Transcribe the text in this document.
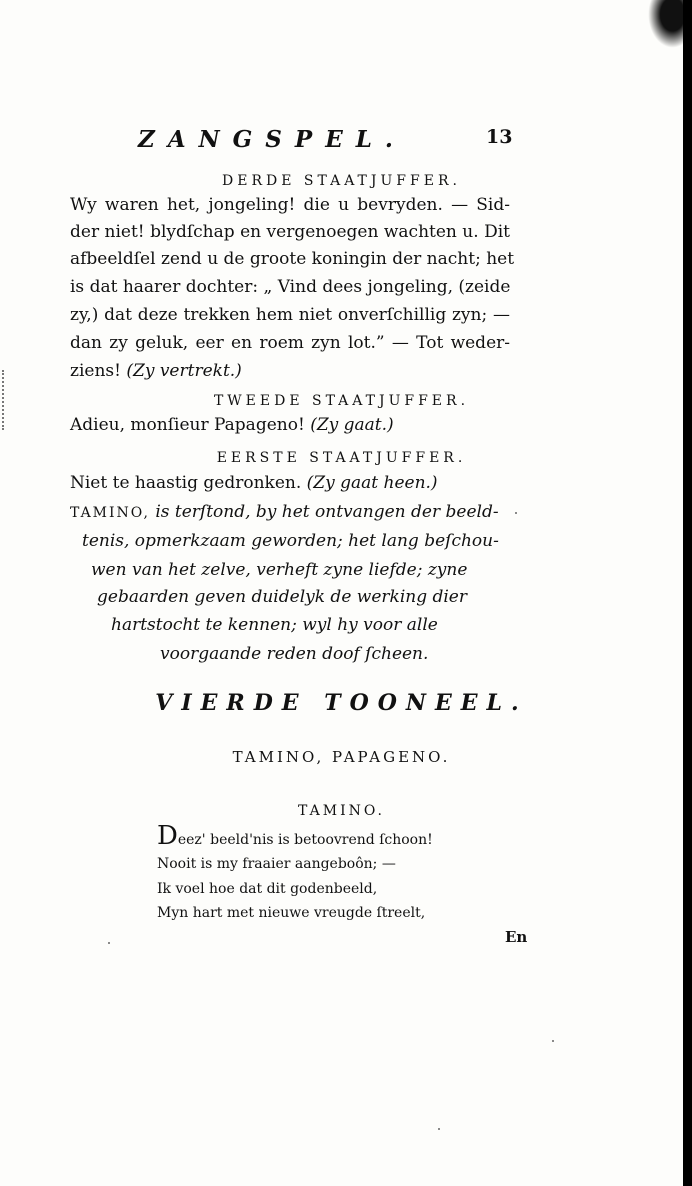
ZANGSPEL.	13
DERDE STAATJUFFER.
Wy waren het, jongeling! die u bevryden. — Sid-
der niet! blydſchap en vergenoegen wachten u. Dit
afbeeldſel zend u de groote koningin der nacht; het
is dat haarer dochter: „ Vind dees jongeling, (zeide
zy,) dat deze trekken hem niet onverſchillig zyn; —
dan zy geluk, eer en roem zyn lot.” — Tot weder-
ziens! (Zy vertrekt.)
TWEEDE STAATJUFFER.
Adieu, monſieur Papageno! (Zy gaat.)
EERSTE STAATJUFFER.
Niet te haastig gedronken. (Zy gaat heen.)
TAMINO, is terſtond, by het ontvangen der beeld-
tenis, opmerkzaam geworden; het lang beſchou-
wen van het zelve, verheft zyne liefde; zyne
gebaarden geven duidelyk de werking dier
hartstocht te kennen; wyl hy voor alle
voorgaande reden doof ſcheen.
VIERDE TOONEEL.
TAMINO, PAPAGENO.
TAMINO.
Deez' beeld'nis is betoovrend ſchoon!
Nooit is my fraaier aangeboôn; —
Ik voel hoe dat dit godenbeeld,
Myn hart met nieuwe vreugde ſtreelt,
En
